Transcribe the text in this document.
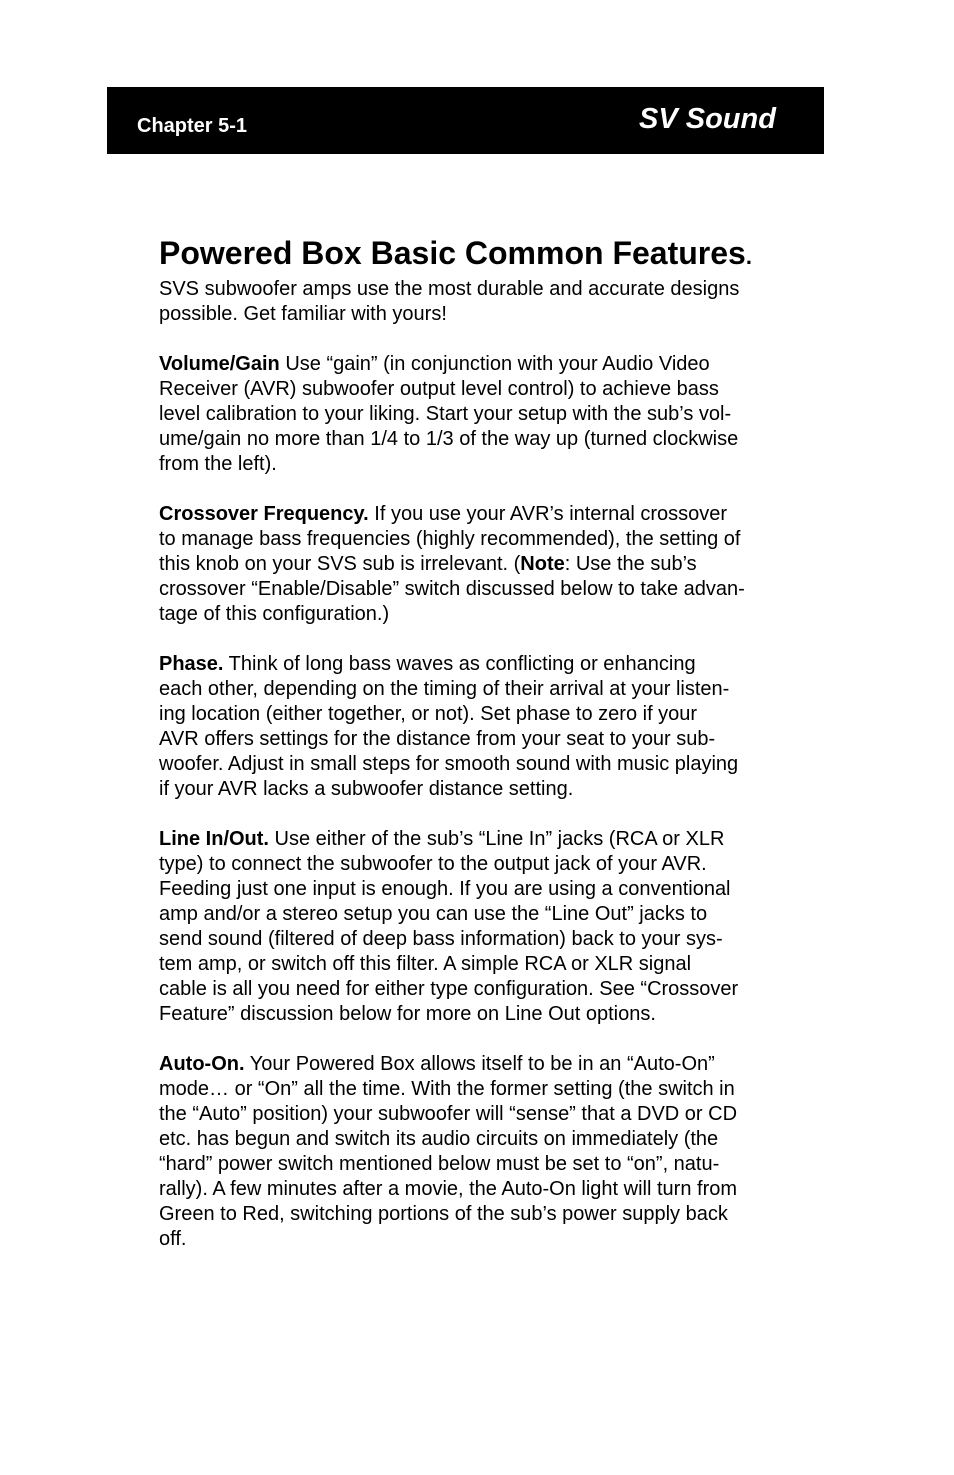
Chapter 5-1	SV Sound
Powered Box Basic Common Features.
SVS subwoofer amps use the most durable and accurate designs
possible. Get familiar with yours!
Volume/Gain Use “gain” (in conjunction with your Audio Video
Receiver (AVR) subwoofer output level control) to achieve bass
level calibration to your liking. Start your setup with the sub’s vol-
ume/gain no more than 1/4 to 1/3 of the way up (turned clockwise
from the left).
Crossover Frequency. If you use your AVR’s internal crossover
to manage bass frequencies (highly recommended), the setting of
this knob on your SVS sub is irrelevant. (Note: Use the sub’s
crossover “Enable/Disable” switch discussed below to take advan-
tage of this configuration.)
Phase. Think of long bass waves as conflicting or enhancing
each other, depending on the timing of their arrival at your listen-
ing location (either together, or not). Set phase to zero if your
AVR offers settings for the distance from your seat to your sub-
woofer. Adjust in small steps for smooth sound with music playing
if your AVR lacks a subwoofer distance setting.
Line In/Out. Use either of the sub’s “Line In” jacks (RCA or XLR
type) to connect the subwoofer to the output jack of your AVR.
Feeding just one input is enough. If you are using a conventional
amp and/or a stereo setup you can use the “Line Out” jacks to
send sound (filtered of deep bass information) back to your sys-
tem amp, or switch off this filter. A simple RCA or XLR signal
cable is all you need for either type configuration. See “Crossover
Feature” discussion below for more on Line Out options.
Auto-On. Your Powered Box allows itself to be in an “Auto-On”
mode… or “On” all the time. With the former setting (the switch in
the “Auto” position) your subwoofer will “sense” that a DVD or CD
etc. has begun and switch its audio circuits on immediately (the
“hard” power switch mentioned below must be set to “on”, natu-
rally). A few minutes after a movie, the Auto-On light will turn from
Green to Red, switching portions of the sub’s power supply back
off.
